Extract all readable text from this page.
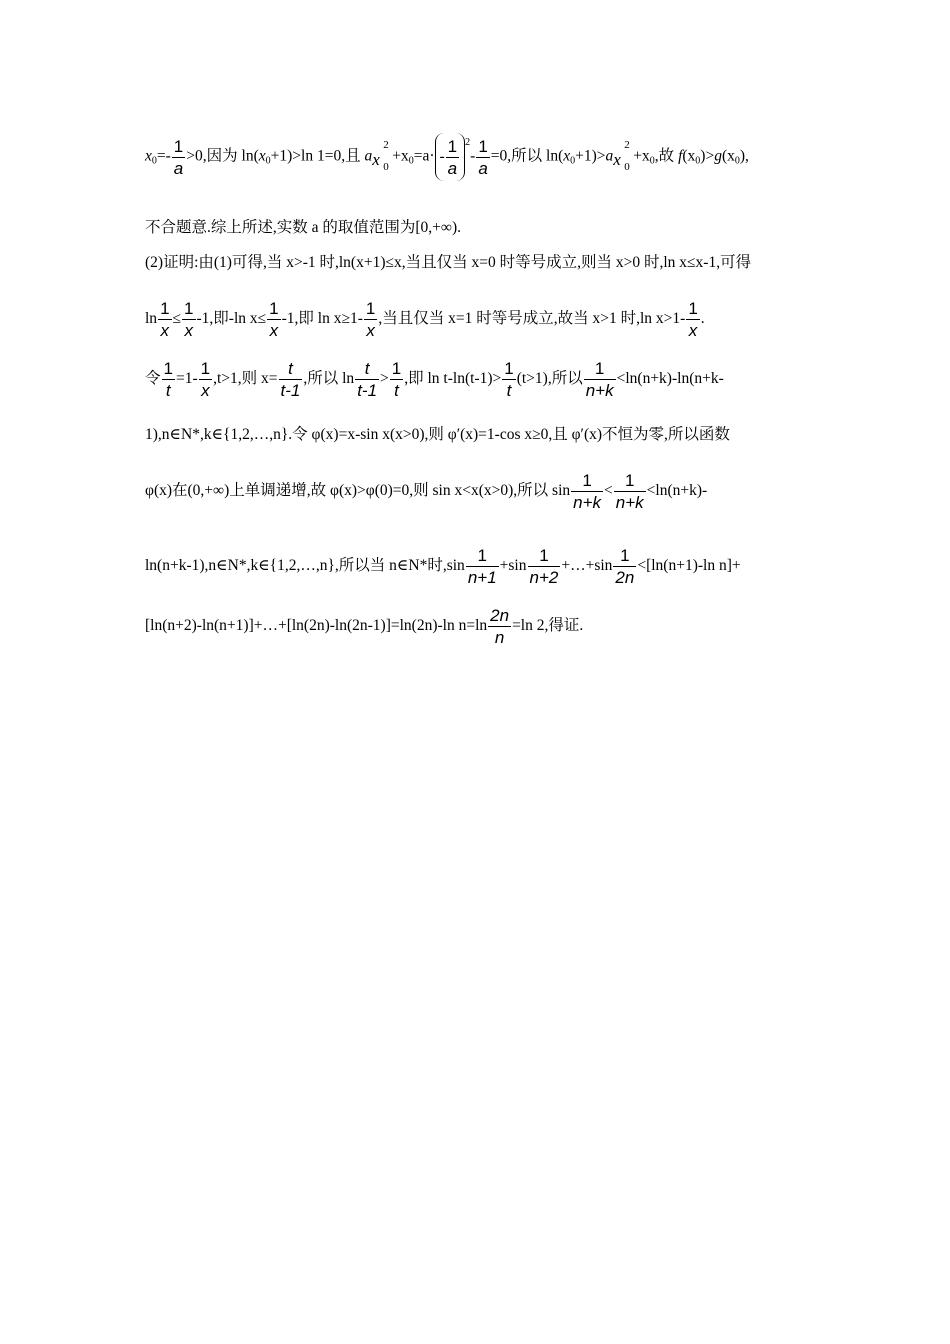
$x_0=- \frac{1}{a} >0$,因为 $\ln(x_0+1)>\ln$ 1=0,且 a x
2
0
$+x_0=a\cdot - \frac{1}{a} ^2- \frac{1}{a} =0$,所以 $\ln(x_0+1)>a$ x
2
0
$+x_0$,故 $f(x_0)>g(x_0)$,
不合题意.综上所述,实数 a 的取值范围为[0,+∞).
(2)证明:由(1)可得,当 x>-1 时,ln(x+1)≤x,当且仅当 x=0 时等号成立,则当 x>0 时,ln x≤x-1,可得
$\ln \frac{1}{x} \le \frac{1}{x} -1$,即-ln $x\le \frac{1}{x} -1$,即 $\ln x\ge 1- \frac{1}{x}$ ,当且仅当 x=1 时等号成立,故当 x>1 时,ln $x>1- \frac{1}{x}$ .
令 $\frac{1}{t} =1- \frac{1}{x} ,t>1$,则 $x= \frac{t}{t-1}$ ,所以 $\ln \frac{t}{t-1} > \frac{1}{t}$ ,即 $\ln t-\ln(t-1)> \frac{1}{t} (t>1)$,所以 $\frac{1}{n+k} <\ln(n+k)-\ln(n+k-$
1),n∈N*,k∈{1,2,…,n}.令 φ(x)=x-sin x(x>0),则 φ′(x)=1-cos x≥0,且 φ′(x)不恒为零,所以函数
φ(x)在(0,+∞)上单调递增,故 φ(x)>φ(0)=0,则 sin x<x(x>0),所以 $\sin \frac{1}{n+k} < \frac{1}{n+k} <\ln(n+k)-$
ln(n+k-1),n∈N*,k∈{1,2,…,n},所以当 n∈N*时$,\sin \frac{1}{n+1} +\sin \frac{1}{n+2}$ +…+sin $\frac{1}{2n} <[\ln(n+1)-\ln$ n]+
[ln(n+2)-ln(n+1)]+…+[ln(2n)-ln(2n-1)]=ln(2n)-ln $n=\ln \frac{2n}{n} =\ln$ 2,得证.
